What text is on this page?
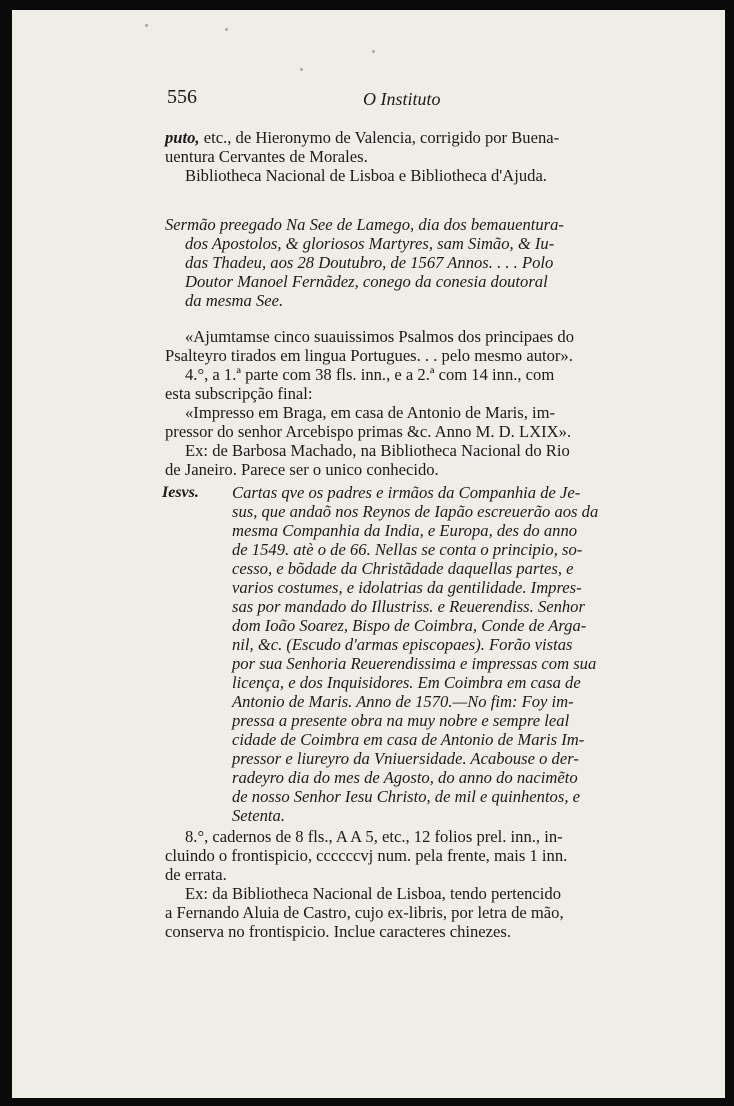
556	O Instituto

puto, etc., de Hieronymo de Valencia, corrigido por Buena-

uentura Cervantes de Morales.

Bibliotheca Nacional de Lisboa e Bibliotheca d'Ajuda.

Sermão preegado Na See de Lamego, dia dos bemauentura-

dos Apostolos, & gloriosos Martyres, sam Simão, & Iu-

das Thadeu, aos 28 Doutubro, de 1567 Annos. . . . Polo

Doutor Manoel Fernãdez, conego da conesia doutoral

da mesma See.

«Ajumtamse cinco suauissimos Psalmos dos principaes do

Psalteyro tirados em lingua Portugues. . . pelo mesmo autor».

4.°, a 1.ª parte com 38 fls. inn., e a 2.ª com 14 inn., com

esta subscripção final:

«Impresso em Braga, em casa de Antonio de Maris, im-

pressor do senhor Arcebispo primas &c. Anno M. D. LXIX».

Ex: de Barbosa Machado, na Bibliotheca Nacional do Rio

de Janeiro. Parece ser o unico conhecido.

Iesvs.	Cartas qve os padres e irmãos da Companhia de Je-

sus, que andaõ nos Reynos de Iapão escreuerão aos da

mesma Companhia da India, e Europa, des do anno

de 1549. atè o de 66. Nellas se conta o principio, so-

cesso, e bõdade da Christãdade daquellas partes, e

varios costumes, e idolatrias da gentilidade. Impres-

sas por mandado do Illustriss. e Reuerendiss. Senhor

dom Ioão Soarez, Bispo de Coimbra, Conde de Arga-

nil, &c. (Escudo d'armas episcopaes). Forão vistas

por sua Senhoria Reuerendissima e impressas com sua

licença, e dos Inquisidores. Em Coimbra em casa de

Antonio de Maris. Anno de 1570.—No fim: Foy im-

pressa a presente obra na muy nobre e sempre leal

cidade de Coimbra em casa de Antonio de Maris Im-

pressor e liureyro da Vniuersidade. Acabouse o der-

radeyro dia do mes de Agosto, do anno do nacimẽto

de nosso Senhor Iesu Christo, de mil e quinhentos, e

Setenta.

8.°, cadernos de 8 fls., A A 5, etc., 12 folios prel. inn., in-

cluindo o frontispicio, ccccccvj num. pela frente, mais 1 inn.

de errata.

Ex: da Bibliotheca Nacional de Lisboa, tendo pertencido

a Fernando Aluia de Castro, cujo ex-libris, por letra de mão,

conserva no frontispicio. Inclue caracteres chinezes.
